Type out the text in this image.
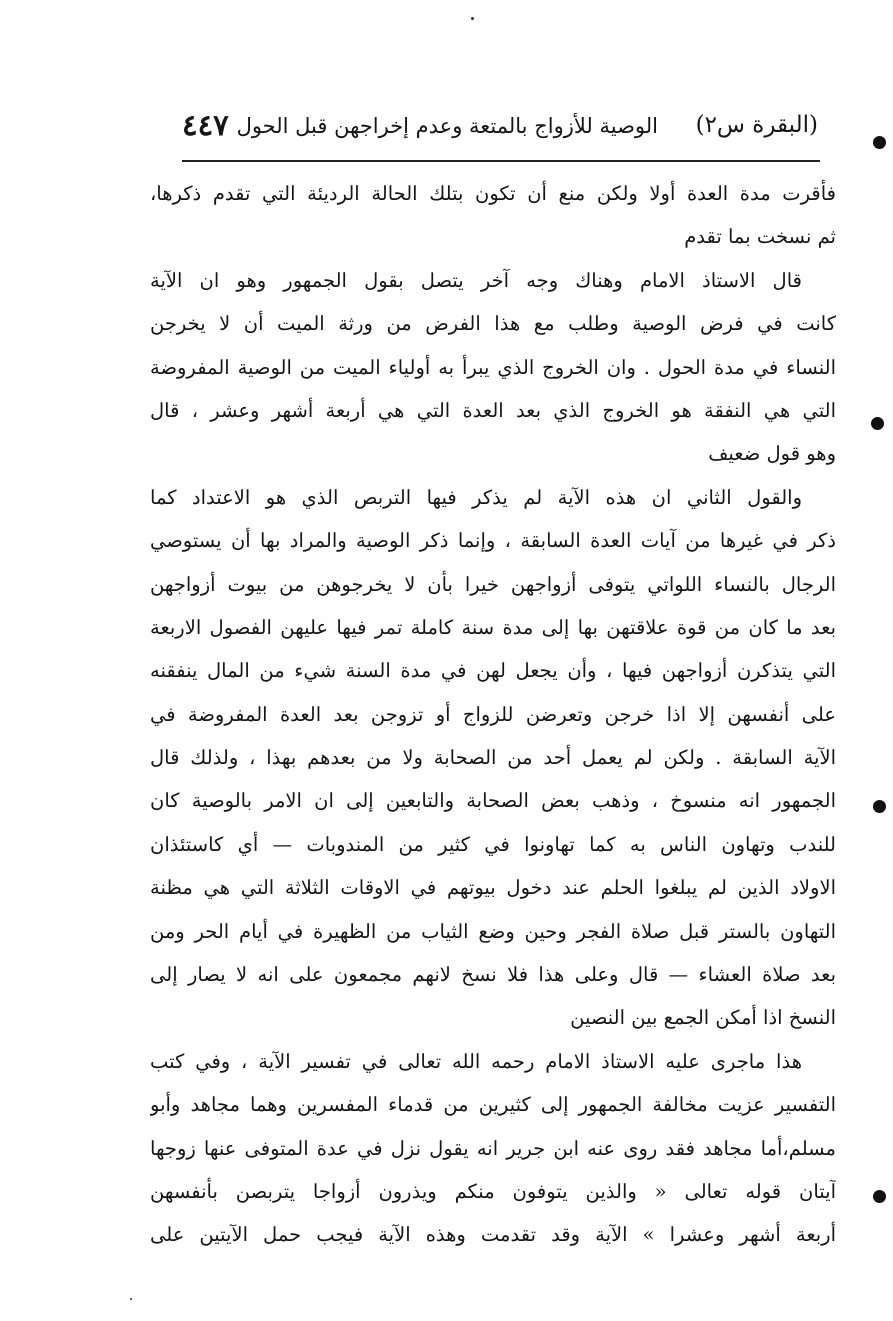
(البقرة س٢)
الوصية للأزواج بالمتعة وعدم إخراجهن قبل الحول
٤٤٧
فأقرت مدة العدة أولا ولكن منع أن تكون بتلك الحالة الرديئة التي تقدم ذكرها،
ثم نسخت بما تقدم
قال الاستاذ الامام وهناك وجه آخر يتصل بقول الجمهور وهو ان الآية
كانت في فرض الوصية وطلب مع هذا الفرض من ورثة الميت أن لا يخرجن
النساء في مدة الحول . وان الخروج الذي يبرأ به أولياء الميت من الوصية المفروضة
التي هي النفقة هو الخروج الذي بعد العدة التي هي أربعة أشهر وعشر ، قال
وهو قول ضعيف
والقول الثاني ان هذه الآية لم يذكر فيها التربص الذي هو الاعتداد كما
ذكر في غيرها من آيات العدة السابقة ، وإنما ذكر الوصية والمراد بها أن يستوصي
الرجال بالنساء اللواتي يتوفى أزواجهن خيرا بأن لا يخرجوهن من بيوت أزواجهن
بعد ما كان من قوة علاقتهن بها إلى مدة سنة كاملة تمر فيها عليهن الفصول الاربعة
التي يتذكرن أزواجهن فيها ، وأن يجعل لهن في مدة السنة شيء من المال ينفقنه
على أنفسهن إلا اذا خرجن وتعرضن للزواج أو تزوجن بعد العدة المفروضة في
الآية السابقة . ولكن لم يعمل أحد من الصحابة ولا من بعدهم بهذا ، ولذلك قال
الجمهور انه منسوخ ، وذهب بعض الصحابة والتابعين إلى ان الامر بالوصية كان
للندب وتهاون الناس به كما تهاونوا في كثير من المندوبات — أي كاستئذان
الاولاد الذين لم يبلغوا الحلم عند دخول بيوتهم في الاوقات الثلاثة التي هي مظنة
التهاون بالستر قبل صلاة الفجر وحين وضع الثياب من الظهيرة في أيام الحر ومن
بعد صلاة العشاء — قال وعلى هذا فلا نسخ لانهم مجمعون على انه لا يصار إلى
النسخ اذا أمكن الجمع بين النصين
هذا ماجرى عليه الاستاذ الامام رحمه الله تعالى في تفسير الآية ، وفي كتب
التفسير عزيت مخالفة الجمهور إلى كثيرين من قدماء المفسرين وهما مجاهد وأبو
مسلم،أما مجاهد فقد روى عنه ابن جرير انه يقول نزل في عدة المتوفى عنها زوجها
آيتان قوله تعالى « والذين يتوفون منكم ويذرون أزواجا يتربصن بأنفسهن
أربعة أشهر وعشرا » الآية وقد تقدمت وهذه الآية فيجب حمل الآيتين على
